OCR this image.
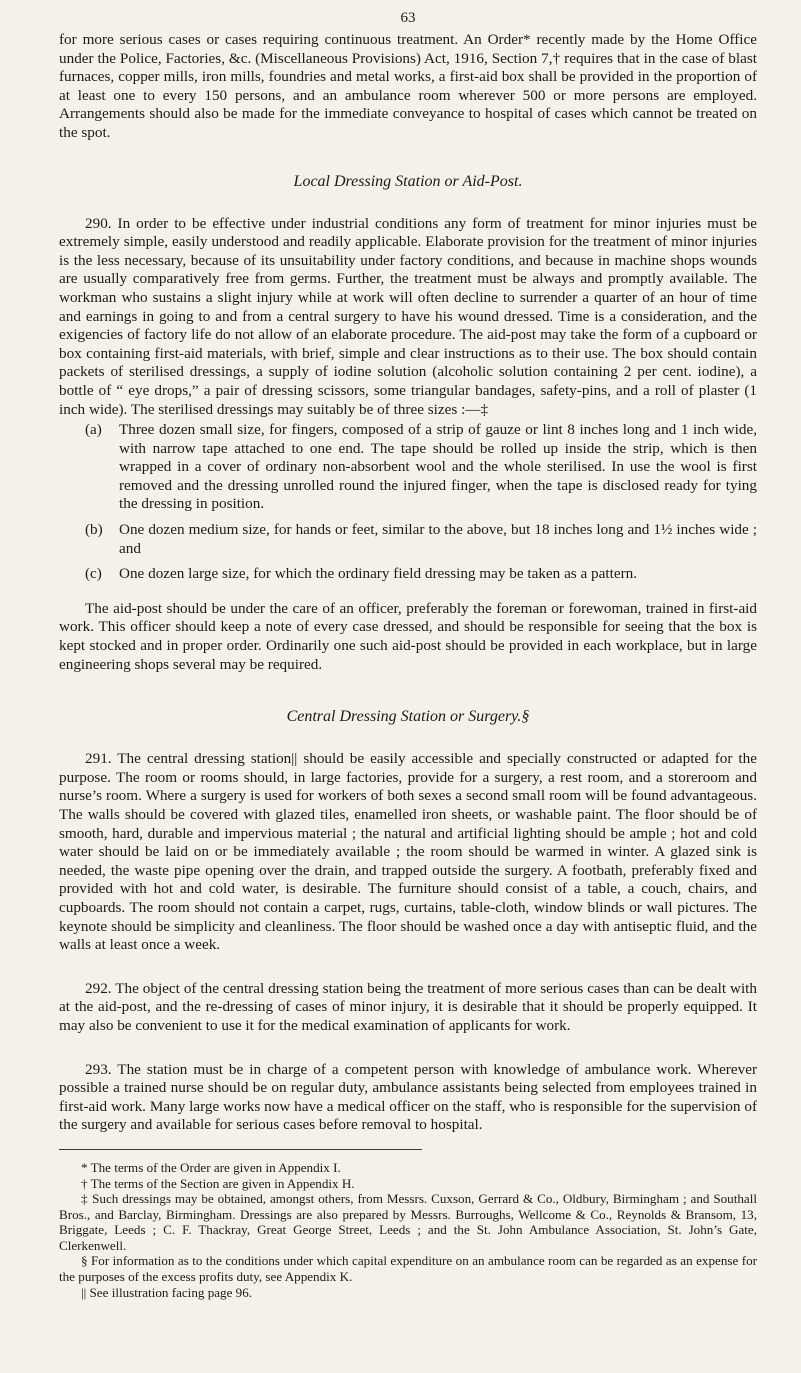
63

for more serious cases or cases requiring continuous treatment. An Order* recently made by the Home Office under the Police, Factories, &c. (Miscellaneous Provisions) Act, 1916, Section 7,† requires that in the case of blast furnaces, copper mills, iron mills, foundries and metal works, a first-aid box shall be provided in the proportion of at least one to every 150 persons, and an ambulance room wherever 500 or more persons are employed. Arrangements should also be made for the immediate conveyance to hospital of cases which cannot be treated on the spot.

Local Dressing Station or Aid-Post.

290. In order to be effective under industrial conditions any form of treatment for minor injuries must be extremely simple, easily understood and readily applicable. Elaborate provision for the treatment of minor injuries is the less necessary, because of its unsuitability under factory conditions, and because in machine shops wounds are usually comparatively free from germs. Further, the treatment must be always and promptly available. The workman who sustains a slight injury while at work will often decline to surrender a quarter of an hour of time and earnings in going to and from a central surgery to have his wound dressed. Time is a consideration, and the exigencies of factory life do not allow of an elaborate procedure. The aid-post may take the form of a cupboard or box containing first-aid materials, with brief, simple and clear instructions as to their use. The box should contain packets of sterilised dressings, a supply of iodine solution (alcoholic solution containing 2 per cent. iodine), a bottle of “ eye drops,” a pair of dressing scissors, some triangular bandages, safety-pins, and a roll of plaster (1 inch wide). The sterilised dressings may suitably be of three sizes :—‡

(a)	Three dozen small size, for fingers, composed of a strip of gauze or lint 8 inches long and 1 inch wide, with narrow tape attached to one end. The tape should be rolled up inside the strip, which is then wrapped in a cover of ordinary non-absorbent wool and the whole sterilised. In use the wool is first removed and the dressing unrolled round the injured finger, when the tape is disclosed ready for tying the dressing in position.
(b)	One dozen medium size, for hands or feet, similar to the above, but 18 inches long and 1½ inches wide ; and
(c)	One dozen large size, for which the ordinary field dressing may be taken as a pattern.

The aid-post should be under the care of an officer, preferably the foreman or forewoman, trained in first-aid work. This officer should keep a note of every case dressed, and should be responsible for seeing that the box is kept stocked and in proper order. Ordinarily one such aid-post should be provided in each workplace, but in large engineering shops several may be required.

Central Dressing Station or Surgery.§

291. The central dressing station|| should be easily accessible and specially constructed or adapted for the purpose. The room or rooms should, in large factories, provide for a surgery, a rest room, and a storeroom and nurse’s room. Where a surgery is used for workers of both sexes a second small room will be found advantageous. The walls should be covered with glazed tiles, enamelled iron sheets, or washable paint. The floor should be of smooth, hard, durable and impervious material ; the natural and artificial lighting should be ample ; hot and cold water should be laid on or be immediately available ; the room should be warmed in winter. A glazed sink is needed, the waste pipe opening over the drain, and trapped outside the surgery. A footbath, preferably fixed and provided with hot and cold water, is desirable. The furniture should consist of a table, a couch, chairs, and cupboards. The room should not contain a carpet, rugs, curtains, table-cloth, window blinds or wall pictures. The keynote should be simplicity and cleanliness. The floor should be washed once a day with antiseptic fluid, and the walls at least once a week.

292. The object of the central dressing station being the treatment of more serious cases than can be dealt with at the aid-post, and the re-dressing of cases of minor injury, it is desirable that it should be properly equipped. It may also be convenient to use it for the medical examination of applicants for work.

293. The station must be in charge of a competent person with knowledge of ambulance work. Wherever possible a trained nurse should be on regular duty, ambulance assistants being selected from employees trained in first-aid work. Many large works now have a medical officer on the staff, who is responsible for the supervision of the surgery and available for serious cases before removal to hospital.

* The terms of the Order are given in Appendix I.

† The terms of the Section are given in Appendix H.

‡ Such dressings may be obtained, amongst others, from Messrs. Cuxson, Gerrard & Co., Oldbury, Birmingham ; and Southall Bros., and Barclay, Birmingham. Dressings are also prepared by Messrs. Burroughs, Wellcome & Co., Reynolds & Bransom, 13, Briggate, Leeds ; C. F. Thackray, Great George Street, Leeds ; and the St. John Ambulance Association, St. John’s Gate, Clerkenwell.

§ For information as to the conditions under which capital expenditure on an ambulance room can be regarded as an expense for the purposes of the excess profits duty, see Appendix K.

|| See illustration facing page 96.
